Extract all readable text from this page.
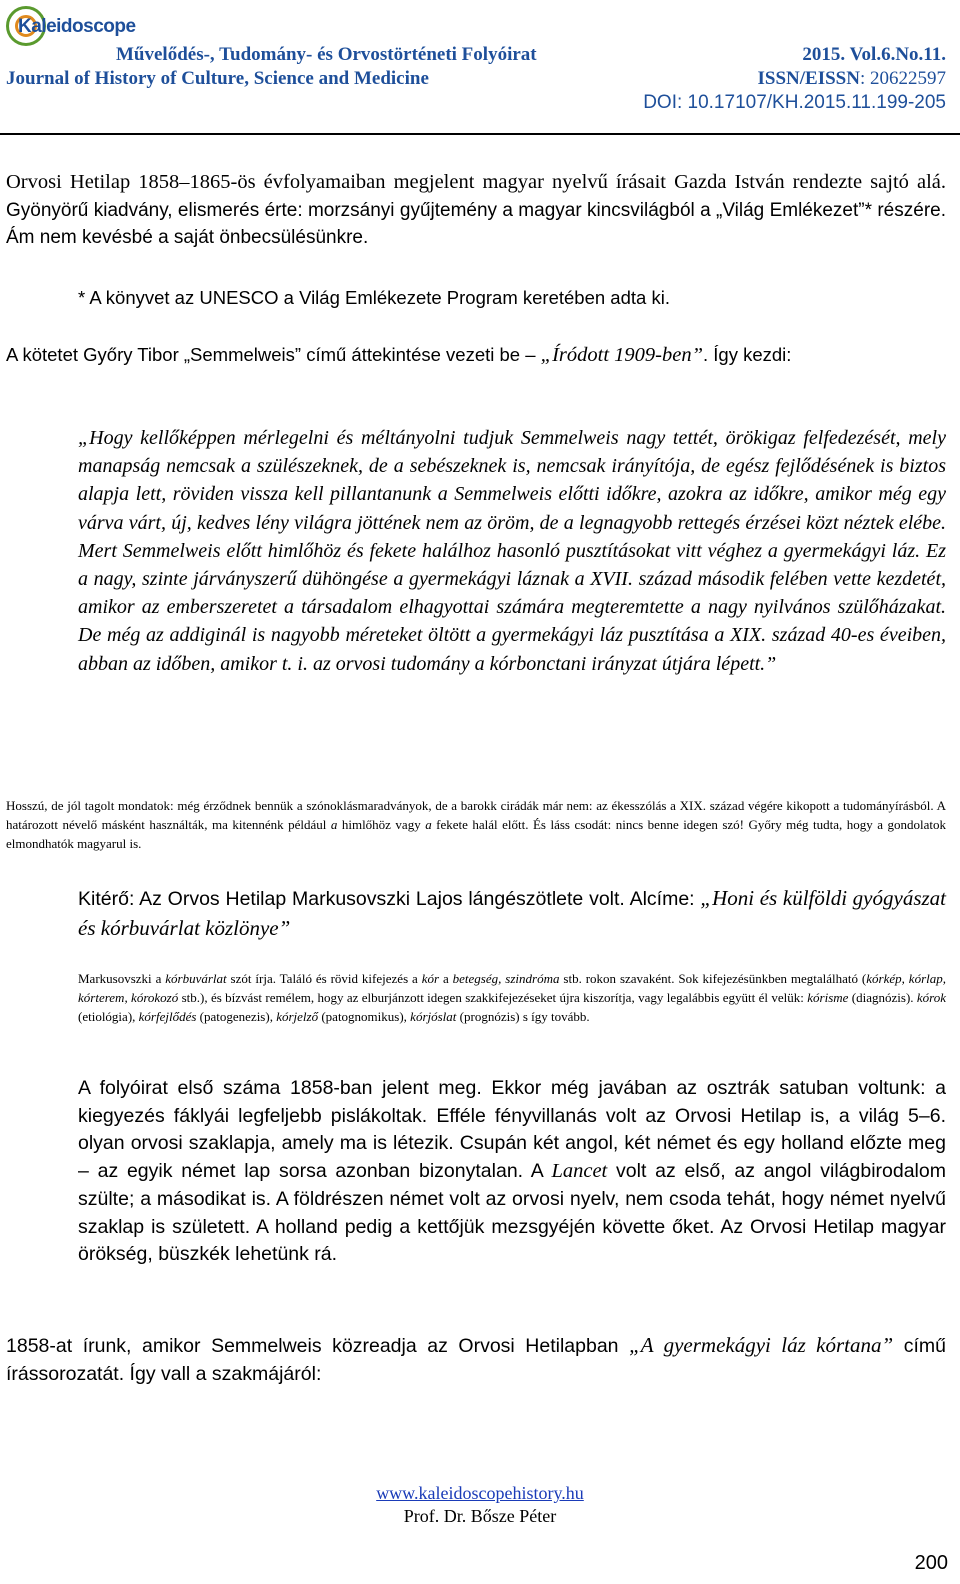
Kaleidoscope
Művelődés-, Tudomány- és Orvostörténeti Folyóirat
Journal of History of Culture, Science and Medicine
2015. Vol.6.No.11.
ISSN/EISSN: 20622597
DOI: 10.17107/KH.2015.11.199-205
Orvosi Hetilap 1858–1865-ös évfolyamaiban megjelent magyar nyelvű írásait Gazda István rendezte sajtó alá. Gyönyörű kiadvány, elismerés érte: morzsányi gyűjtemény a magyar kincsvilágból a „Világ Emlékezet”* részére. Ám nem kevésbé a saját önbecsülésünkre.
* A könyvet az UNESCO a Világ Emlékezete Program keretében adta ki.
A kötetet Győry Tibor „Semmelweis” című áttekintése vezeti be – „Íródott 1909-ben”. Így kezdi:
„Hogy kellőképpen mérlegelni és méltányolni tudjuk Semmelweis nagy tettét, örökigaz felfedezését, mely manapság nemcsak a szülészeknek, de a sebészeknek is, nemcsak irányítója, de egész fejlődésének is biztos alapja lett, röviden vissza kell pillantanunk a Semmelweis előtti időkre, azokra az időkre, amikor még egy várva várt, új, kedves lény világra jöttének nem az öröm, de a legnagyobb rettegés érzései közt néztek elébe. Mert Semmelweis előtt himlőhöz és fekete halálhoz hasonló pusztításokat vitt véghez a gyermekágyi láz. Ez a nagy, szinte járványszerű dühöngése a gyermekágyi láznak a XVII. század második felében vette kezdetét, amikor az emberszeretet a társadalom elhagyottai számára megteremtette a nagy nyilvános szülőházakat. De még az addiginál is nagyobb méreteket öltött a gyermekágyi láz pusztítása a XIX. század 40-es éveiben, abban az időben, amikor t. i. az orvosi tudomány a kórbonctani irányzat útjára lépett.”
Hosszú, de jól tagolt mondatok: még érződnek bennük a szónoklásmaradványok, de a barokk cirádák már nem: az ékesszólás a XIX. század végére kikopott a tudományírásból. A határozott névelő másként használták, ma kitennénk például a himlőhöz vagy a fekete halál előtt. És láss csodát: nincs benne idegen szó! Győry még tudta, hogy a gondolatok elmondhatók magyarul is.
Kitérő: Az Orvos Hetilap Markusovszki Lajos lángészötlete volt. Alcíme: „Honi és külföldi gyógyászat és kórbuvárlat közlönye”
Markusovszki a kórbuvárlat szót írja. Találó és rövid kifejezés a kór a betegség, szindróma stb. rokon szavaként. Sok kifejezésünkben megtalálható (kórkép, kórlap, kórterem, kórokozó stb.), és bízvást remélem, hogy az elburjánzott idegen szakkifejezéseket újra kiszorítja, vagy legalábbis együtt él velük: kórisme (diagnózis). kórok (etiológia), kórfejlődés (patogenezis), kórjelző (patognomikus), kórjóslat (prognózis) s így tovább.
A folyóirat első száma 1858-ban jelent meg. Ekkor még javában az osztrák satuban voltunk: a kiegyezés fáklyái legfeljebb pislákoltak. Efféle fényvillanás volt az Orvosi Hetilap is, a világ 5–6. olyan orvosi szaklapja, amely ma is létezik. Csupán két angol, két német és egy holland előzte meg – az egyik német lap sorsa azonban bizonytalan. A Lancet volt az első, az angol világbirodalom szülte; a másodikat is. A földrészen német volt az orvosi nyelv, nem csoda tehát, hogy német nyelvű szaklap is született. A holland pedig a kettőjük mezsgyéjén követte őket. Az Orvosi Hetilap magyar örökség, büszkék lehetünk rá.
1858-at írunk, amikor Semmelweis közreadja az Orvosi Hetilapban „A gyermekágyi láz kórtana” című írássorozatát. Így vall a szakmájáról:
www.kaleidoscopehistory.hu
Prof. Dr. Bősze Péter
200
